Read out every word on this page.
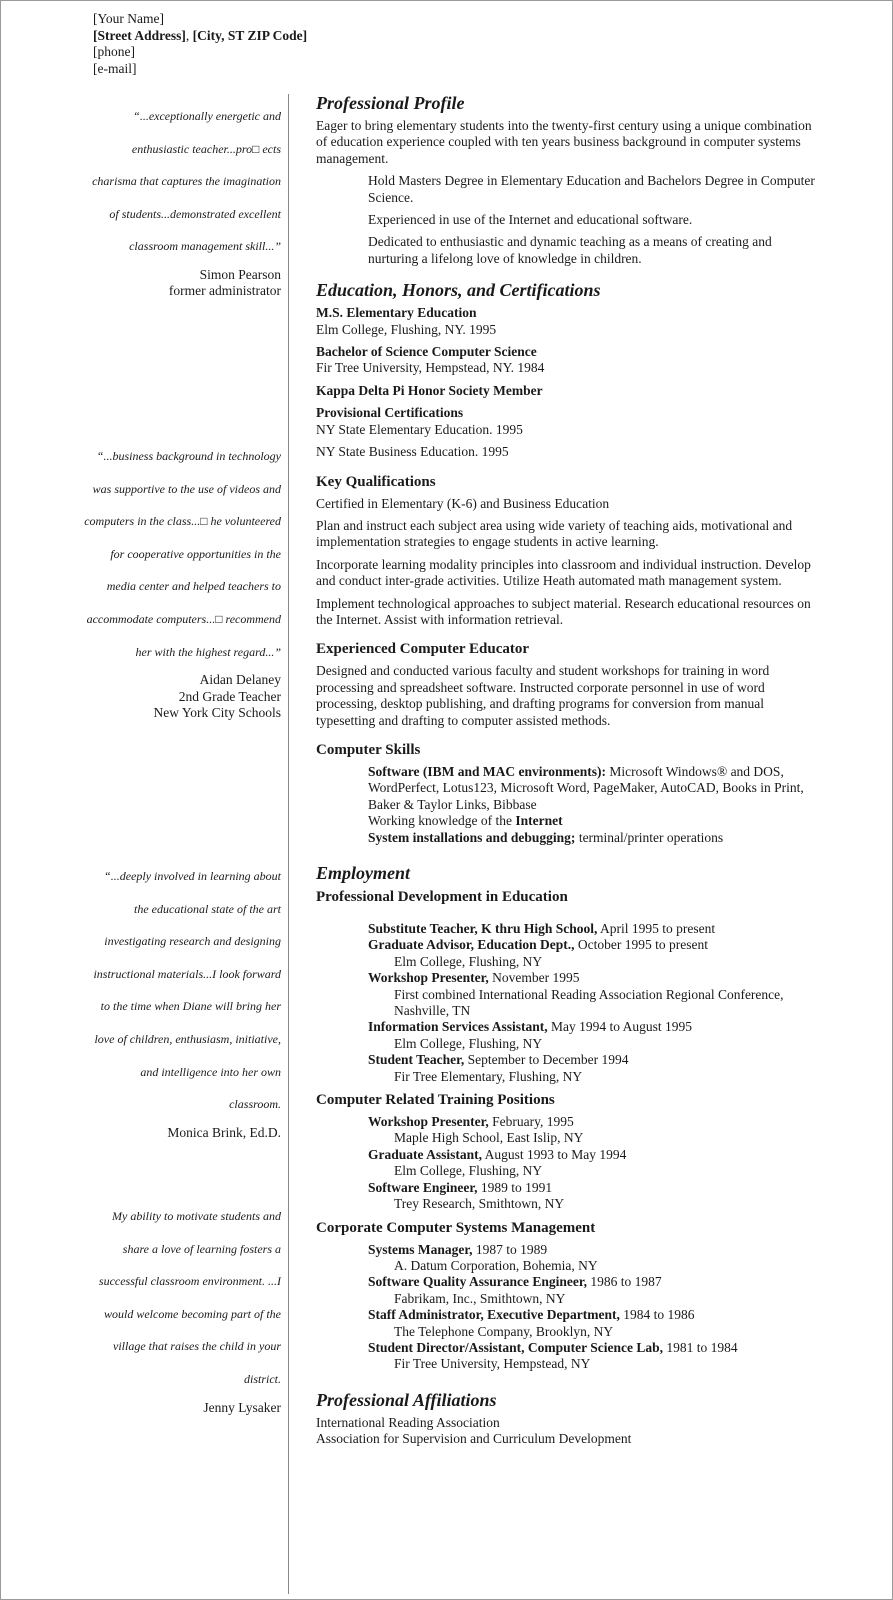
[Your Name]
[Street Address], [City, ST ZIP Code]
[phone]
[e-mail]

“...exceptionally energetic and

enthusiastic teacher...pro□ ects

charisma that captures the imagination

of students...demonstrated excellent

classroom management skill...”

Simon Pearson

former administrator

“...business background in technology

was supportive to the use of videos and

computers in the class...□ he volunteered

for cooperative opportunities in the

media center and helped teachers to

accommodate computers...□ recommend

her with the highest regard...”

Aidan Delaney

2nd Grade Teacher

New York City Schools

“...deeply involved in learning about

the educational state of the art

investigating research and designing

instructional materials...I look forward

to the time when Diane will bring her

love of children, enthusiasm, initiative,

and intelligence into her own

classroom.

Monica Brink, Ed.D.

My ability to motivate students and

share a love of learning fosters a

successful classroom environment. ...I

would welcome becoming part of the

village that raises the child in your

district.

Jenny Lysaker

Professional Profile

Eager to bring elementary students into the twenty-first century using a unique combination of education experience coupled with ten years business background in computer systems management.

Hold Masters Degree in Elementary Education and Bachelors Degree in Computer Science.

Experienced in use of the Internet and educational software.

Dedicated to enthusiastic and dynamic teaching as a means of creating and nurturing a lifelong love of knowledge in children.

Education, Honors, and Certifications

M.S. Elementary Education

Elm College, Flushing, NY. 1995

Bachelor of Science Computer Science

Fir Tree University, Hempstead, NY. 1984

Kappa Delta Pi Honor Society Member

Provisional Certifications

NY State Elementary Education. 1995

NY State Business Education. 1995

Key Qualifications

Certified in Elementary (K-6) and Business Education

Plan and instruct each subject area using wide variety of teaching aids, motivational and implementation strategies to engage students in active learning.

Incorporate learning modality principles into classroom and individual instruction. Develop and conduct inter-grade activities. Utilize Heath automated math management system.

Implement technological approaches to subject material. Research educational resources on the Internet. Assist with information retrieval.

Experienced Computer Educator

Designed and conducted various faculty and student workshops for training in word processing and spreadsheet software. Instructed corporate personnel in use of word processing, desktop publishing, and drafting programs for conversion from manual typesetting and drafting to computer assisted methods.

Computer Skills

Software (IBM and MAC environments): Microsoft Windows® and DOS, WordPerfect, Lotus123, Microsoft Word, PageMaker, AutoCAD, Books in Print, Baker & Taylor Links, Bibbase

Working knowledge of the Internet

System installations and debugging; terminal/printer operations

Employment
Professional Development in Education

Substitute Teacher, K thru High School, April 1995 to present

Graduate Advisor, Education Dept., October 1995 to present

Elm College, Flushing, NY

Workshop Presenter, November 1995

First combined International Reading Association Regional Conference, Nashville, TN

Information Services Assistant, May 1994 to August 1995

Elm College, Flushing, NY

Student Teacher, September to December 1994

Fir Tree Elementary, Flushing, NY

Computer Related Training Positions

Workshop Presenter, February, 1995

Maple High School, East Islip, NY

Graduate Assistant, August 1993 to May 1994

Elm College, Flushing, NY

Software Engineer, 1989 to 1991

Trey Research, Smithtown, NY

Corporate Computer Systems Management

Systems Manager, 1987 to 1989

A. Datum Corporation, Bohemia, NY

Software Quality Assurance Engineer, 1986 to 1987

Fabrikam, Inc., Smithtown, NY

Staff Administrator, Executive Department, 1984 to 1986

The Telephone Company, Brooklyn, NY

Student Director/Assistant, Computer Science Lab, 1981 to 1984

Fir Tree University, Hempstead, NY

Professional Affiliations

International Reading Association

Association for Supervision and Curriculum Development
